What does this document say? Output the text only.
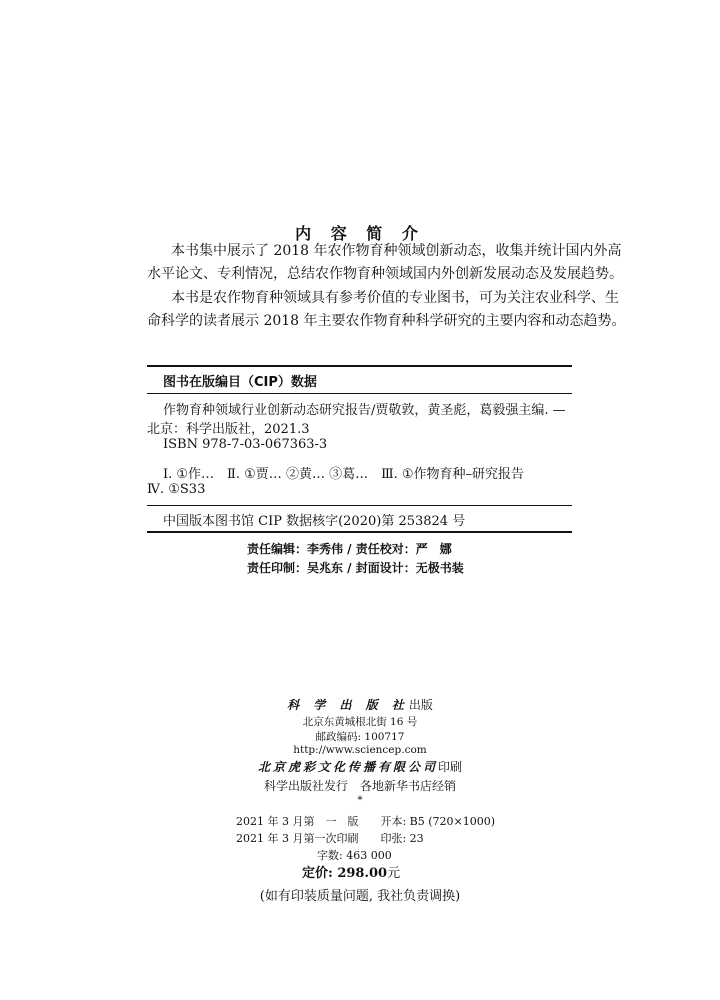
内 容 简 介
本书集中展示了 2018 年农作物育种领域创新动态，收集并统计国内外高
水平论文、专利情况，总结农作物育种领域国内外创新发展动态及发展趋势。
本书是农作物育种领域具有参考价值的专业图书，可为关注农业科学、生
命科学的读者展示 2018 年主要农作物育种科学研究的主要内容和动态趋势。
图书在版编目（CIP）数据
作物育种领域行业创新动态研究报告/贾敬敦，黄圣彪，葛毅强主编. —
北京：科学出版社，2021.3
ISBN 978-7-03-067363-3
Ⅰ. ①作…　Ⅱ. ①贾… ②黄… ③葛…　Ⅲ. ①作物育种–研究报告
Ⅳ. ①S33
中国版本图书馆 CIP 数据核字(2020)第 253824 号
责任编辑：李秀伟 / 责任校对：严　娜
责任印制：吴兆东 / 封面设计：无极书装
科 学 出 版 社出版
北京东黄城根北街 16 号
邮政编码: 100717
http://www.sciencep.com
北京虎彩文化传播有限公司印刷
科学出版社发行　各地新华书店经销
*
2021 年 3 月第　一　版　　开本: B5 (720×1000)
2021 年 3 月第一次印刷　　印张: 23
字数: 463 000
定价: 298.00元
(如有印装质量问题, 我社负责调换)
